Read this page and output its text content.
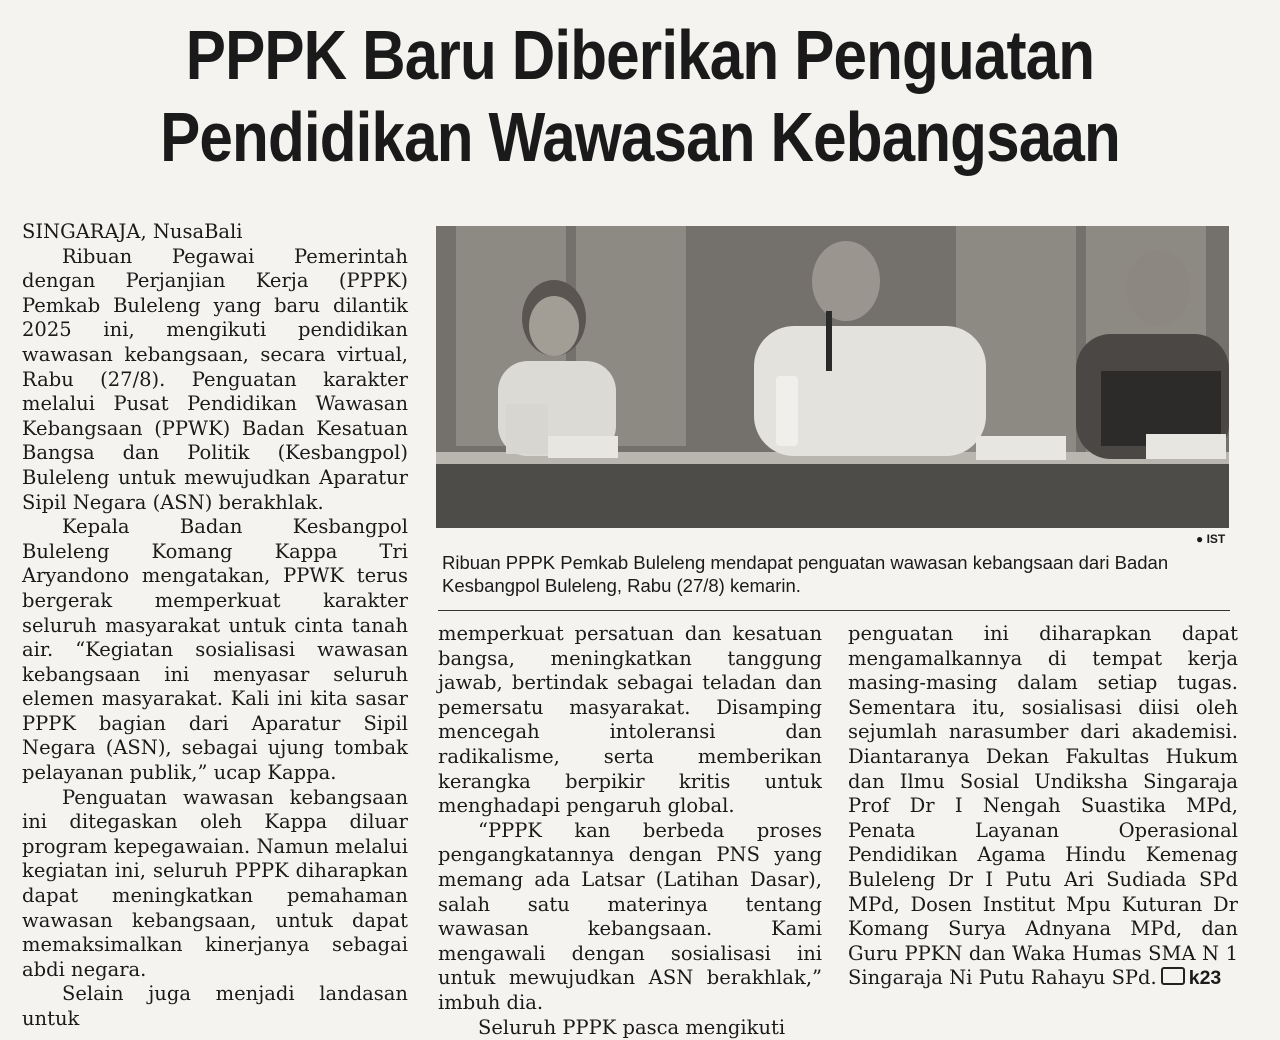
PPPK Baru Diberikan Penguatan
Pendidikan Wawasan Kebangsaan

SINGARAJA, NusaBali

Ribuan Pegawai Pemerintah dengan Perjanjian Kerja (PPPK) Pemkab Buleleng yang baru dilantik 2025 ini, mengikuti pendidikan wawasan kebangsaan, secara virtual, Rabu (27/8). Penguatan karakter melalui Pusat Pendidikan Wawasan Kebangsaan (PPWK) Badan Kesatuan Bangsa dan Politik (Kesbangpol) Buleleng untuk mewujudkan Aparatur Sipil Negara (ASN) berakhlak.

Kepala Badan Kesbangpol Buleleng Komang Kappa Tri Aryandono mengatakan, PPWK terus bergerak memperkuat karakter seluruh masyarakat untuk cinta tanah air. “Kegiatan sosialisasi wawasan kebangsaan ini menyasar seluruh elemen masyarakat. Kali ini kita sasar PPPK bagian dari Aparatur Sipil Negara (ASN), sebagai ujung tombak pelayanan publik,” ucap Kappa.

Penguatan wawasan kebangsaan ini ditegaskan oleh Kappa diluar program kepegawaian. Namun melalui kegiatan ini, seluruh PPPK diharapkan dapat meningkatkan pemahaman wawasan kebangsaan, untuk dapat memaksimalkan kinerjanya sebagai abdi negara.

Selain juga menjadi landasan untuk

● IST
Ribuan PPPK Pemkab Buleleng mendapat penguatan wawasan kebangsaan dari Badan Kesbangpol Buleleng, Rabu (27/8) kemarin.

memperkuat persatuan dan kesatuan bangsa, meningkatkan tanggung jawab, bertindak sebagai teladan dan pemersatu masyarakat. Disamping mencegah intoleransi dan radikalisme, serta memberikan kerangka berpikir kritis untuk menghadapi pengaruh global.

“PPPK kan berbeda proses pengangkatannya dengan PNS yang memang ada Latsar (Latihan Dasar), salah satu materinya tentang wawasan kebangsaan. Kami mengawali dengan sosialisasi ini untuk mewujudkan ASN berakhlak,” imbuh dia.

Seluruh PPPK pasca mengikuti

penguatan ini diharapkan dapat mengamalkannya di tempat kerja masing-masing dalam setiap tugas. Sementara itu, sosialisasi diisi oleh sejumlah narasumber dari akademisi. Diantaranya Dekan Fakultas Hukum dan Ilmu Sosial Undiksha Singaraja Prof Dr I Nengah Suastika MPd, Penata Layanan Operasional Pendidikan Agama Hindu Kemenag Buleleng Dr I Putu Ari Sudiada SPd MPd, Dosen Institut Mpu Kuturan Dr Komang Surya Adnyana MPd, dan Guru PPKN dan Waka Humas SMA N 1 Singaraja Ni Putu Rahayu SPd. k23
